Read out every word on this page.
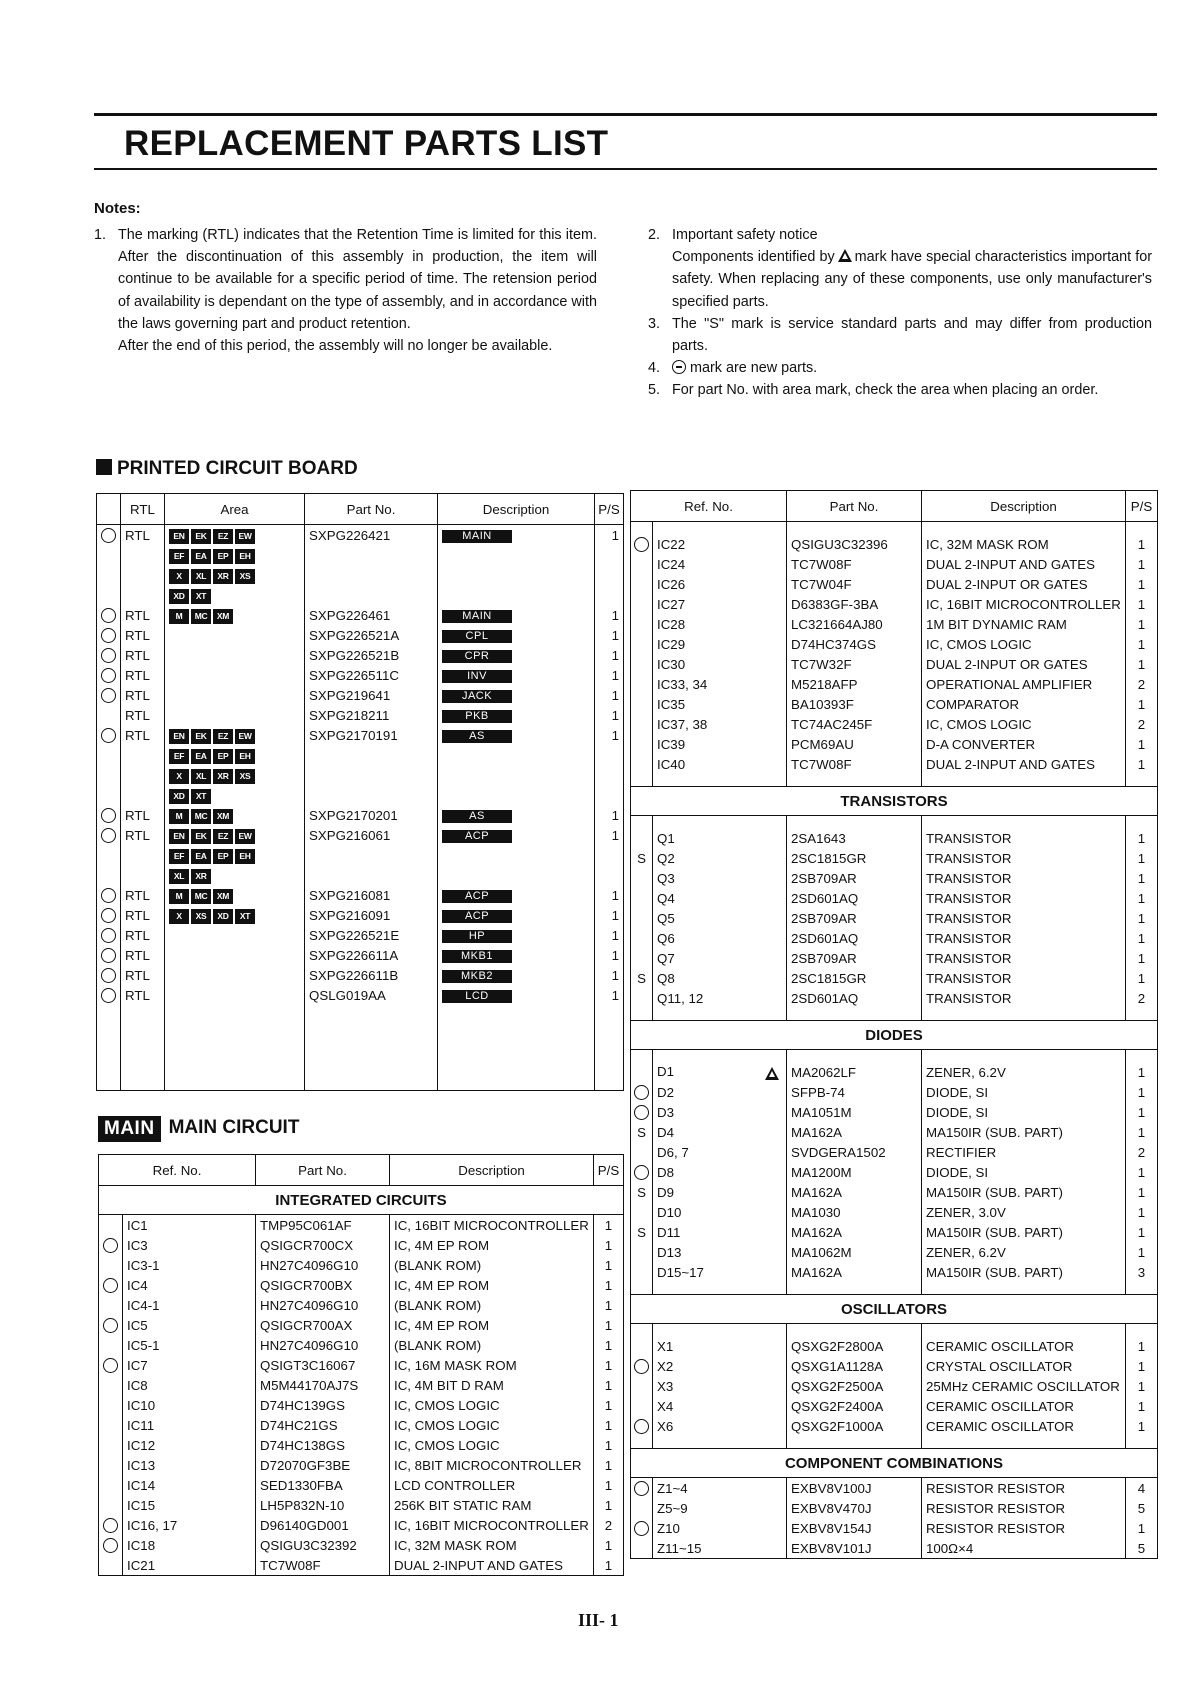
REPLACEMENT PARTS LIST
Notes:
1. The marking (RTL) indicates that the Retention Time is limited for this item. After the discontinuation of this assembly in production, the item will continue to be available for a specific period of time. The retension period of availability is dependant on the type of assembly, and in accordance with the laws governing part and product retention.

After the end of this period, the assembly will no longer be available.

2. Important safety notice

Components identified by mark have special characteristics important for safety. When replacing any of these components, use only manufacturer's specified parts.

3. The "S" mark is service standard parts and may differ from production parts.

4.	mark are new parts.

5. For part No. with area mark, check the area when placing an order.

PRINTED CIRCUIT BOARD
	RTL	Area	Part No.	Description	P/S
	RTL	EN EK EZ EW	SXPG226421	MAIN	1
		EF EA EP EH			
		X XL XR XS			
		XD XT			
	RTL	M MC XM	SXPG226461	MAIN	1
	RTL		SXPG226521A	CPL	1
	RTL		SXPG226521B	CPR	1
	RTL		SXPG226511C	INV	1
	RTL		SXPG219641	JACK	1
	RTL		SXPG218211	PKB	1
	RTL	EN EK EZ EW	SXPG2170191	AS	1
		EF EA EP EH			
		X XL XR XS			
		XD XT			
	RTL	M MC XM	SXPG2170201	AS	1
	RTL	EN EK EZ EW	SXPG216061	ACP	1
		EF EA EP EH			
		XL XR			
	RTL	M MC XM	SXPG216081	ACP	1
	RTL	X XS XD XT	SXPG216091	ACP	1
	RTL		SXPG226521E	HP	1
	RTL		SXPG226611A	MKB1	1
	RTL		SXPG226611B	MKB2	1
	RTL		QSLG019AA	LCD	1

MAIN MAIN CIRCUIT
Ref. No.		Part No.	Description	P/S
INTEGRATED CIRCUITS				
	IC1	TMP95C061AF	IC, 16BIT MICROCONTROLLER	1
	IC3	QSIGCR700CX	IC, 4M EP ROM	1
	IC3-1	HN27C4096G10	(BLANK ROM)	1
	IC4	QSIGCR700BX	IC, 4M EP ROM	1
	IC4-1	HN27C4096G10	(BLANK ROM)	1
	IC5	QSIGCR700AX	IC, 4M EP ROM	1
	IC5-1	HN27C4096G10	(BLANK ROM)	1
	IC7	QSIGT3C16067	IC, 16M MASK ROM	1
	IC8	M5M44170AJ7S	IC, 4M BIT D RAM	1
	IC10	D74HC139GS	IC, CMOS LOGIC	1
	IC11	D74HC21GS	IC, CMOS LOGIC	1
	IC12	D74HC138GS	IC, CMOS LOGIC	1
	IC13	D72070GF3BE	IC, 8BIT MICROCONTROLLER	1
	IC14	SED1330FBA	LCD CONTROLLER	1
	IC15	LH5P832N-10	256K BIT STATIC RAM	1
	IC16, 17	D96140GD001	IC, 16BIT MICROCONTROLLER	2
	IC18	QSIGU3C32392	IC, 32M MASK ROM	1
	IC21	TC7W08F	DUAL 2-INPUT AND GATES	1
Ref. No.		Part No.	Description	P/S

	IC22	QSIGU3C32396	IC, 32M MASK ROM	1
	IC24	TC7W08F	DUAL 2-INPUT AND GATES	1
	IC26	TC7W04F	DUAL 2-INPUT OR GATES	1
	IC27	D6383GF-3BA	IC, 16BIT MICROCONTROLLER	1
	IC28	LC321664AJ80	1M BIT DYNAMIC RAM	1
	IC29	D74HC374GS	IC, CMOS LOGIC	1
	IC30	TC7W32F	DUAL 2-INPUT OR GATES	1
	IC33, 34	M5218AFP	OPERATIONAL AMPLIFIER	2
	IC35	BA10393F	COMPARATOR	1
	IC37, 38	TC74AC245F	IC, CMOS LOGIC	2
	IC39	PCM69AU	D-A CONVERTER	1
	IC40	TC7W08F	DUAL 2-INPUT AND GATES	1

TRANSISTORS				

	Q1	2SA1643	TRANSISTOR	1
S	Q2	2SC1815GR	TRANSISTOR	1
	Q3	2SB709AR	TRANSISTOR	1
	Q4	2SD601AQ	TRANSISTOR	1
	Q5	2SB709AR	TRANSISTOR	1
	Q6	2SD601AQ	TRANSISTOR	1
	Q7	2SB709AR	TRANSISTOR	1
S	Q8	2SC1815GR	TRANSISTOR	1
	Q11, 12	2SD601AQ	TRANSISTOR	2

DIODES				

	D1	MA2062LF	ZENER, 6.2V	1
	D2	SFPB-74	DIODE, SI	1
	D3	MA1051M	DIODE, SI	1
S	D4	MA162A	MA150IR (SUB. PART)	1
	D6, 7	SVDGERA1502	RECTIFIER	2
	D8	MA1200M	DIODE, SI	1
S	D9	MA162A	MA150IR (SUB. PART)	1
	D10	MA1030	ZENER, 3.0V	1
S	D11	MA162A	MA150IR (SUB. PART)	1
	D13	MA1062M	ZENER, 6.2V	1
	D15~17	MA162A	MA150IR (SUB. PART)	3

OSCILLATORS				

	X1	QSXG2F2800A	CERAMIC OSCILLATOR	1
	X2	QSXG1A1128A	CRYSTAL OSCILLATOR	1
	X3	QSXG2F2500A	25MHz CERAMIC OSCILLATOR	1
	X4	QSXG2F2400A	CERAMIC OSCILLATOR	1
	X6	QSXG2F1000A	CERAMIC OSCILLATOR	1

COMPONENT COMBINATIONS				
	Z1~4	EXBV8V100J	RESISTOR RESISTOR	4
	Z5~9	EXBV8V470J	RESISTOR RESISTOR	5
	Z10	EXBV8V154J	RESISTOR RESISTOR	1
	Z11~15	EXBV8V101J	100Ω×4	5
III- 1
